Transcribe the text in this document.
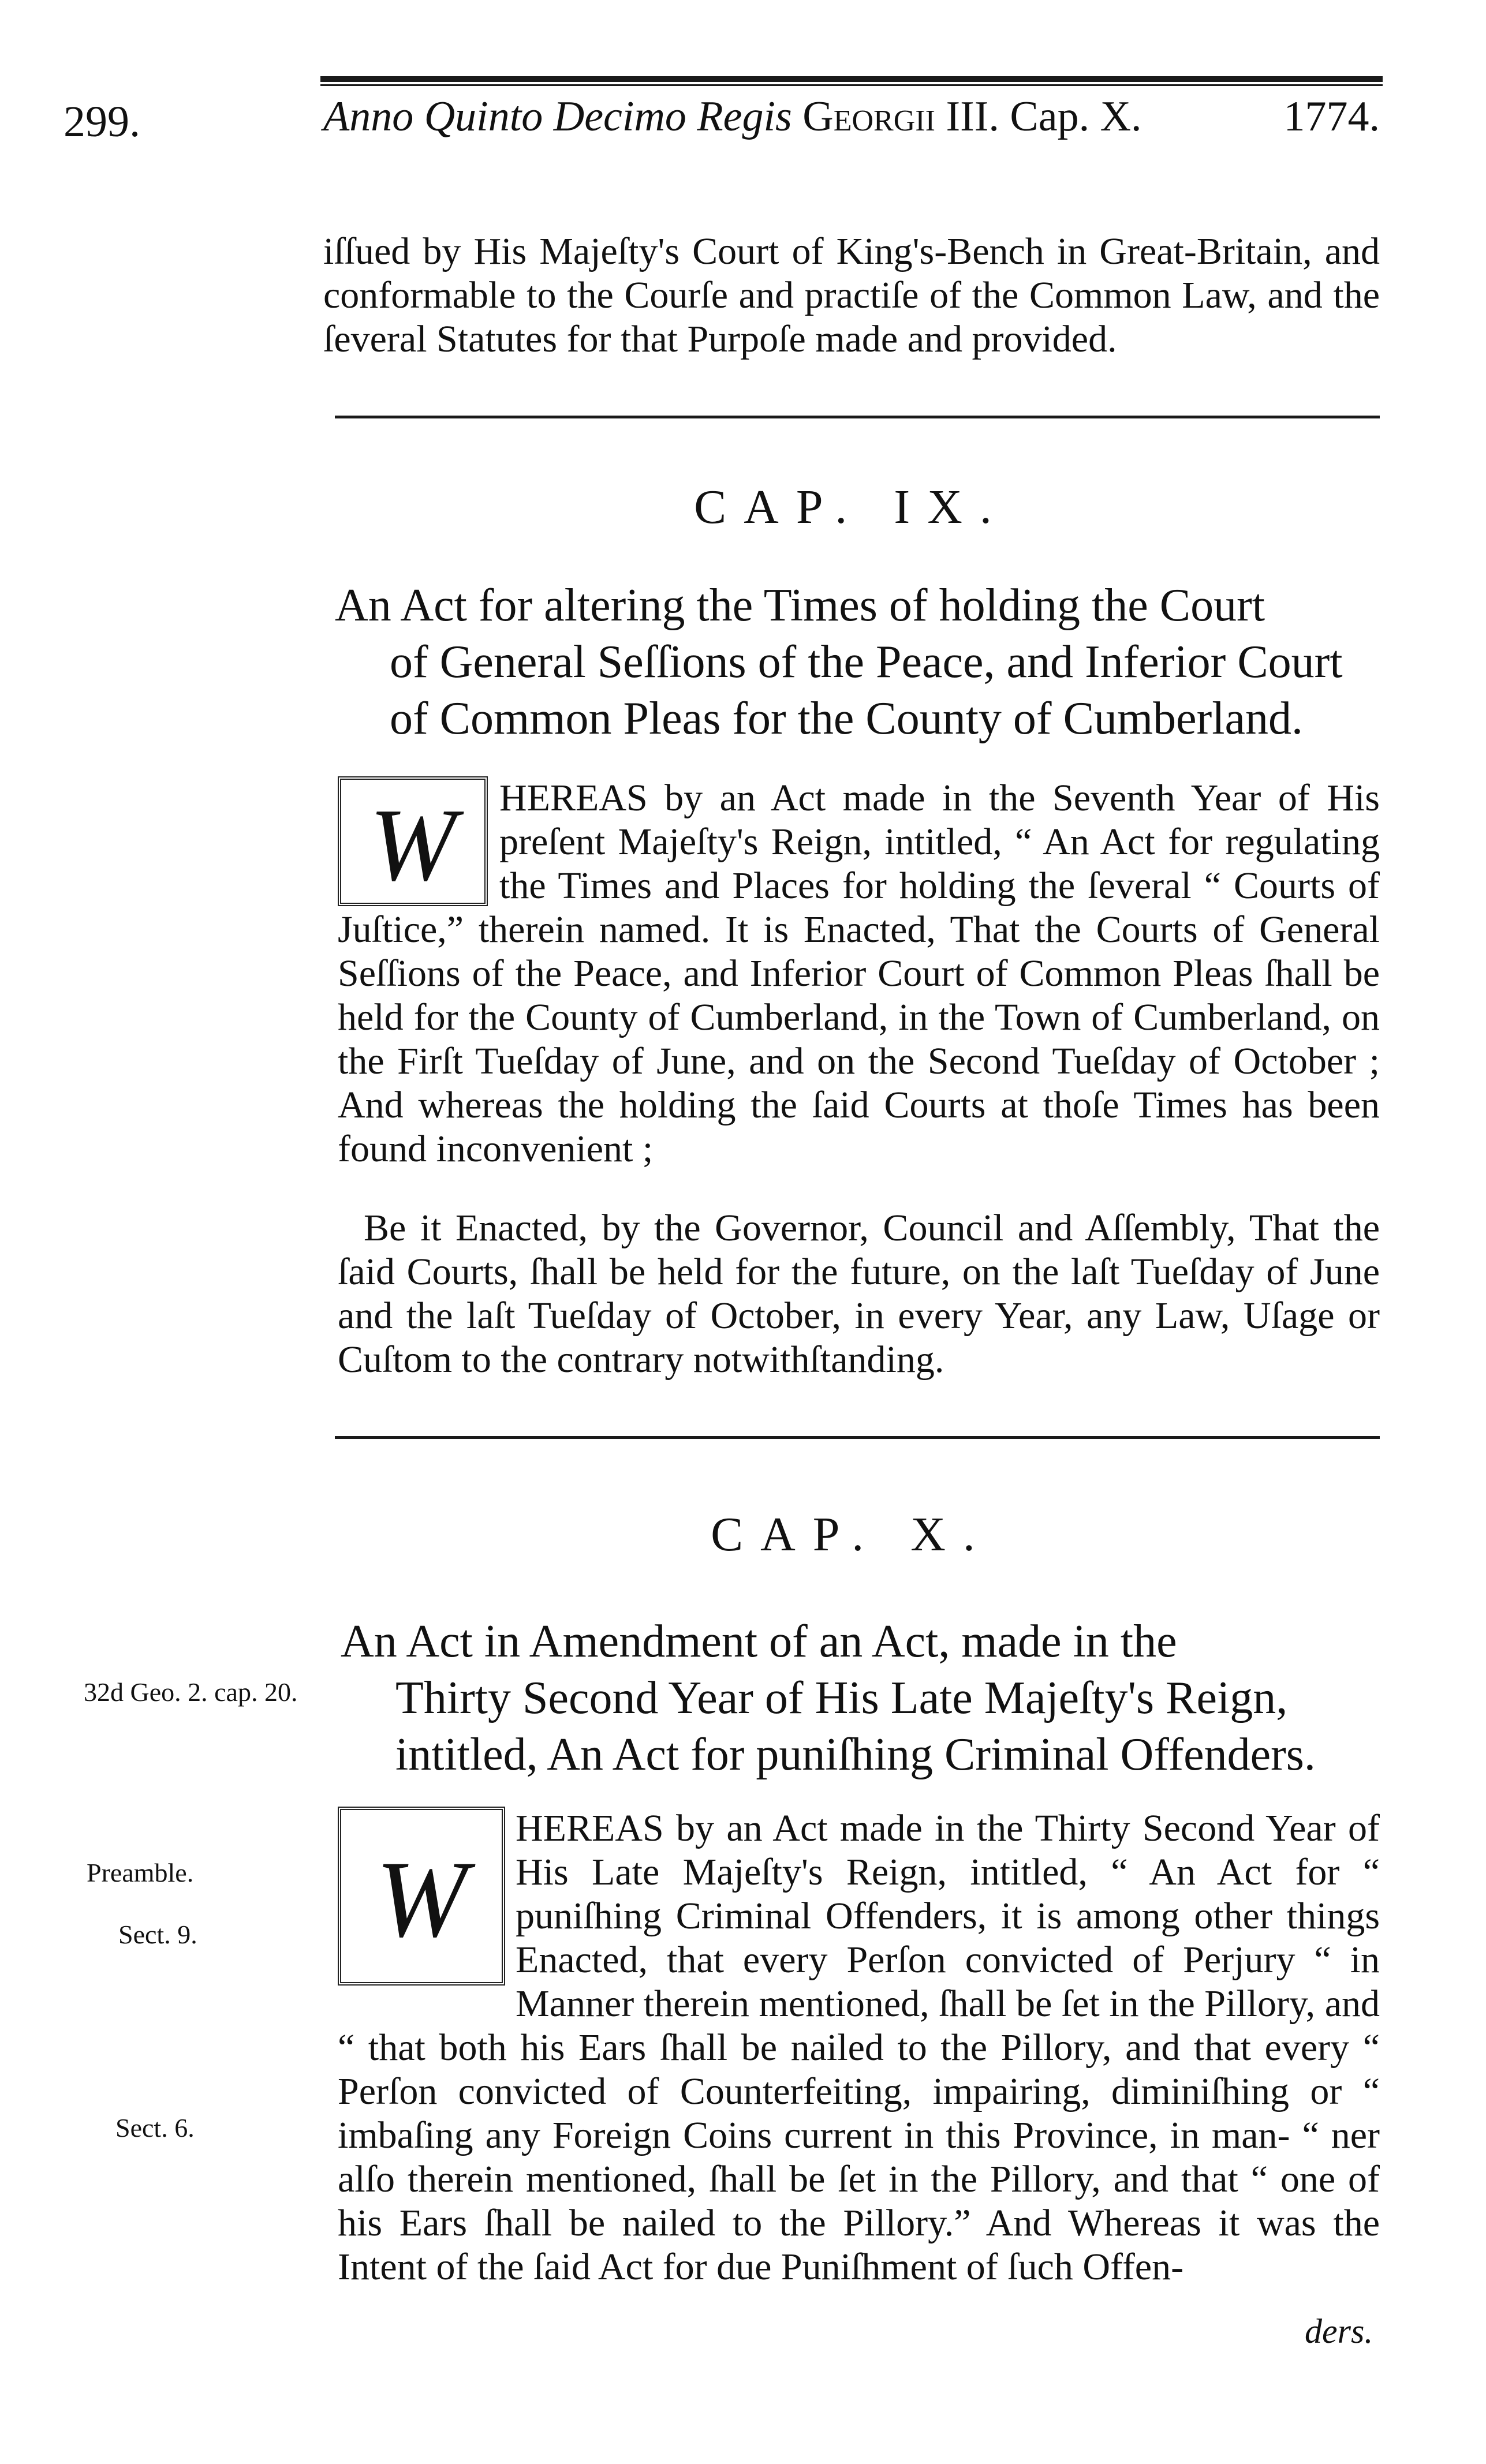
299.	Anno Quinto Decimo Regis Georgii III. Cap. X.	1774.
iſſued by His Majeſty's Court of King's-Bench in Great-Britain, and conformable to the Courſe and practiſe of the Common Law, and the ſeveral Statutes for that Purpoſe made and provided.
CAP. IX.
An Act for altering the Times of holding the Court
of General Seſſions of the Peace, and Inferior Court
of Common Pleas for the County of Cumberland.
W	HEREAS by an Act made in the Seventh Year of His preſent Majeſty's Reign, intitled, “ An Act for regulating the Times and Places for holding the ſeveral “ Courts of Juſtice,” therein named. It is Enacted, That the Courts of General Seſſions of the Peace, and Inferior Court of Common Pleas ſhall be held for the County of Cumberland, in the Town of Cumberland, on the Firſt Tueſday of June, and on the Second Tueſday of October ; And whereas the holding the ſaid Courts at thoſe Times has been found inconvenient ;
Be it Enacted, by the Governor, Council and Aſſembly, That the ſaid Courts, ſhall be held for the future, on the laſt Tueſday of June and the laſt Tueſday of October, in every Year, any Law, Uſage or Cuſtom to the contrary notwithſtanding.
CAP. X.
An Act in Amendment of an Act, made in the
Thirty Second Year of His Late Majeſty's Reign,
intitled, An Act for puniſhing Criminal Offenders.
W
HEREAS by an Act made in the Thirty Second Year of His Late Majeſty's Reign, intitled, “ An Act for “ puniſhing Criminal Offenders, it is among other things Enacted, that every Perſon convicted of Perjury “ in Manner therein mentioned, ſhall be ſet in the Pillory, and “ that both his Ears ſhall be nailed to the Pillory, and that every “ Perſon convicted of Counterfeiting, impairing, diminiſhing or “ imbaſing any Foreign Coins current in this Province, in man- “ ner alſo therein mentioned, ſhall be ſet in the Pillory, and that “ one of his Ears ſhall be nailed to the Pillory.” And Whereas it was the Intent of the ſaid Act for due Puniſhment of ſuch Offen-
32d Geo. 2. cap. 20.
Preamble.
Sect. 9.
Sect. 6.
ders.
